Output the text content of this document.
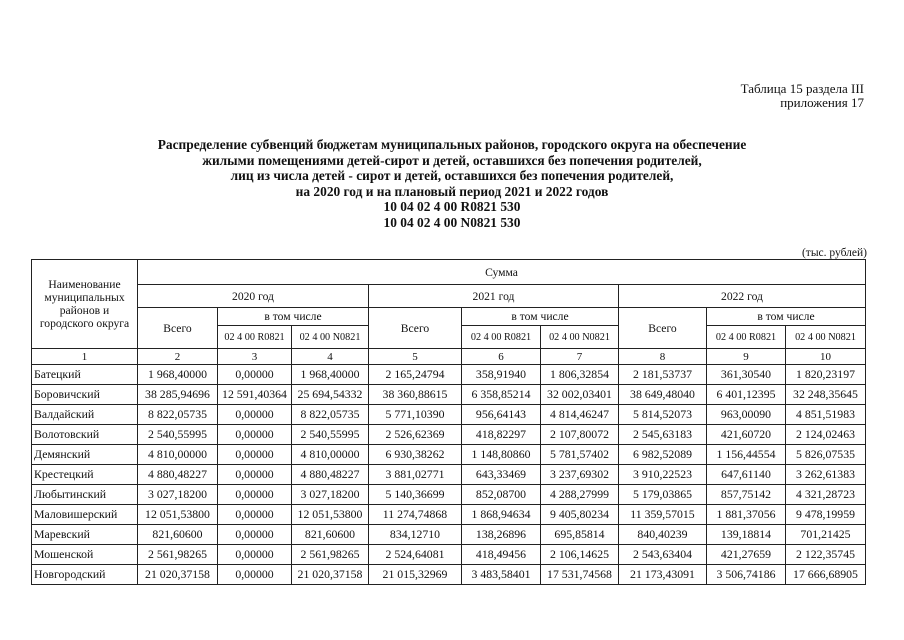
Таблица 15 раздела III
приложения 17
Распределение субвенций бюджетам муниципальных районов, городского округа на обеспечение
жилыми помещениями детей-сирот и детей, оставшихся без попечения родителей,
лиц из числа детей - сирот и детей, оставшихся без попечения родителей,
на 2020 год и на плановый период 2021 и 2022 годов
10 04 02 4 00 R0821 530
10 04 02 4 00 N0821 530
(тыс. рублей)
Наименование муниципальных районов и городского округа	Сумма								
	2020 год			2021 год			2022 год		
	Всего	в том числе		Всего	в том числе		Всего	в том числе	
		02 4 00 R0821	02 4 00 N0821		02 4 00 R0821	02 4 00 N0821		02 4 00 R0821	02 4 00 N0821
1	2	3	4	5	6	7	8	9	10
Батецкий	1 968,40000	0,00000	1 968,40000	2 165,24794	358,91940	1 806,32854	2 181,53737	361,30540	1 820,23197
Боровичский	38 285,94696	12 591,40364	25 694,54332	38 360,88615	6 358,85214	32 002,03401	38 649,48040	6 401,12395	32 248,35645
Валдайский	8 822,05735	0,00000	8 822,05735	5 771,10390	956,64143	4 814,46247	5 814,52073	963,00090	4 851,51983
Волотовский	2 540,55995	0,00000	2 540,55995	2 526,62369	418,82297	2 107,80072	2 545,63183	421,60720	2 124,02463
Демянский	4 810,00000	0,00000	4 810,00000	6 930,38262	1 148,80860	5 781,57402	6 982,52089	1 156,44554	5 826,07535
Крестецкий	4 880,48227	0,00000	4 880,48227	3 881,02771	643,33469	3 237,69302	3 910,22523	647,61140	3 262,61383
Любытинский	3 027,18200	0,00000	3 027,18200	5 140,36699	852,08700	4 288,27999	5 179,03865	857,75142	4 321,28723
Маловишерский	12 051,53800	0,00000	12 051,53800	11 274,74868	1 868,94634	9 405,80234	11 359,57015	1 881,37056	9 478,19959
Маревский	821,60600	0,00000	821,60600	834,12710	138,26896	695,85814	840,40239	139,18814	701,21425
Мошенской	2 561,98265	0,00000	2 561,98265	2 524,64081	418,49456	2 106,14625	2 543,63404	421,27659	2 122,35745
Новгородский	21 020,37158	0,00000	21 020,37158	21 015,32969	3 483,58401	17 531,74568	21 173,43091	3 506,74186	17 666,68905
